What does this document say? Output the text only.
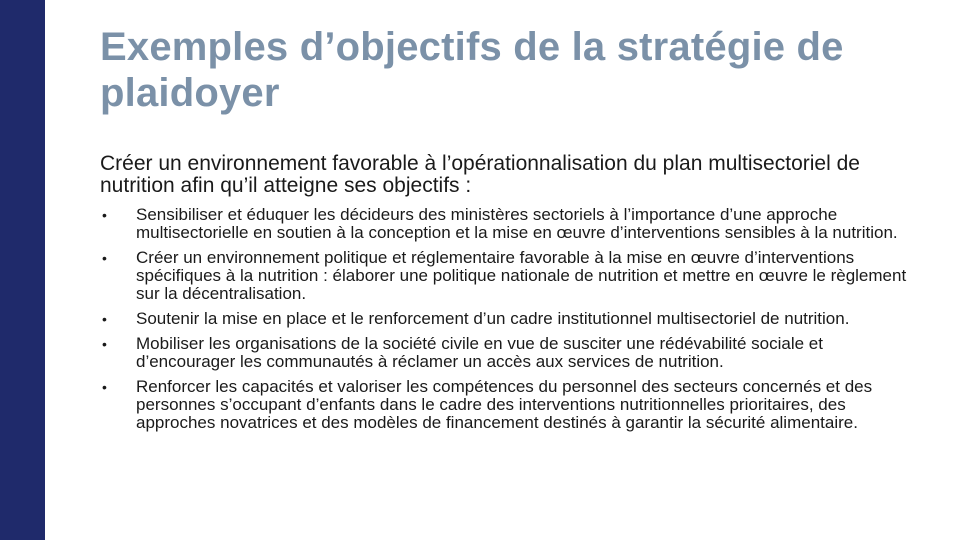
Exemples d’objectifs de la stratégie de plaidoyer

Créer un environnement favorable à l’opérationnalisation du plan multisectoriel de nutrition afin qu’il atteigne ses objectifs :

• Sensibiliser et éduquer les décideurs des ministères sectoriels à l’importance d’une approche multisectorielle en soutien à la conception et la mise en œuvre d’interventions sensibles à la nutrition.
• Créer un environnement politique et réglementaire favorable à la mise en œuvre d’interventions spécifiques à la nutrition : élaborer une politique nationale de nutrition et mettre en œuvre le règlement sur la décentralisation.
• Soutenir la mise en place et le renforcement d’un cadre institutionnel multisectoriel de nutrition.
• Mobiliser les organisations de la société civile en vue de susciter une rédévabilité sociale et d’encourager les communautés à réclamer un accès aux services de nutrition.
• Renforcer les capacités et valoriser les compétences du personnel des secteurs concernés et des personnes s’occupant d’enfants dans le cadre des interventions nutritionnelles prioritaires, des approches novatrices et des modèles de financement destinés à garantir la sécurité alimentaire.
